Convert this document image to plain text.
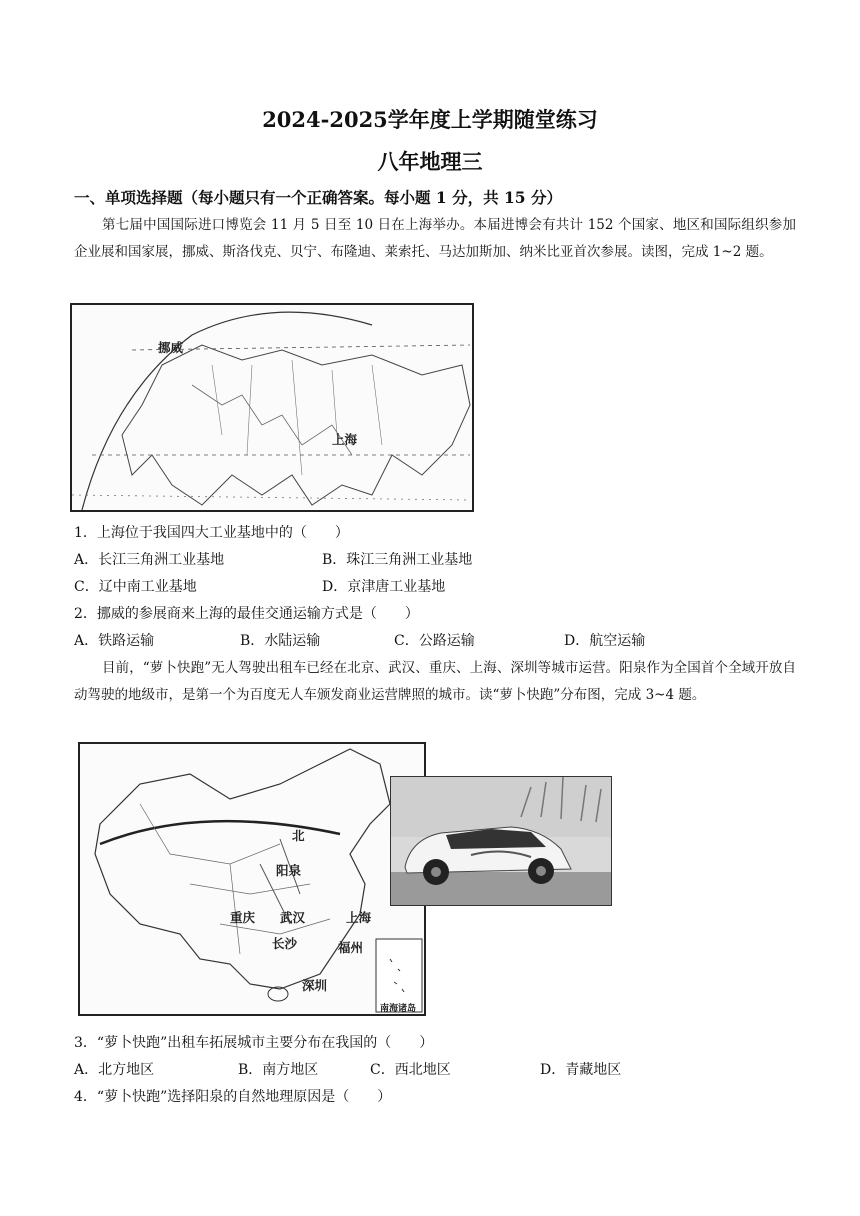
2024-2025学年度上学期随堂练习
八年地理三
一、单项选择题（每小题只有一个正确答案。每小题 1 分，共 15 分）
第七届中国国际进口博览会 11 月 5 日至 10 日在上海举办。本届进博会有共计 152 个国家、地区和国际组织参加企业展和国家展，挪威、斯洛伐克、贝宁、布隆迪、莱索托、马达加斯加、纳米比亚首次参展。读图，完成 1~2 题。
挪威
上海
1．上海位于我国四大工业基地中的（　　）
A．长江三角洲工业基地	B．珠江三角洲工业基地
C．辽中南工业基地	D．京津唐工业基地
2．挪威的参展商来上海的最佳交通运输方式是（　　）
A．铁路运输	B．水陆运输	C．公路运输	D．航空运输
目前，“萝卜快跑”无人驾驶出租车已经在北京、武汉、重庆、上海、深圳等城市运营。阳泉作为全国首个全域开放自动驾驶的地级市，是第一个为百度无人车颁发商业运营牌照的城市。读“萝卜快跑”分布图，完成 3~4 题。
北
阳泉
重庆 武汉	上海
长沙	福州
深圳
南海诸岛
3．“萝卜快跑”出租车拓展城市主要分布在我国的（　　）
A．北方地区	B．南方地区	C．西北地区	D．青藏地区
4．“萝卜快跑”选择阳泉的自然地理原因是（　　）
